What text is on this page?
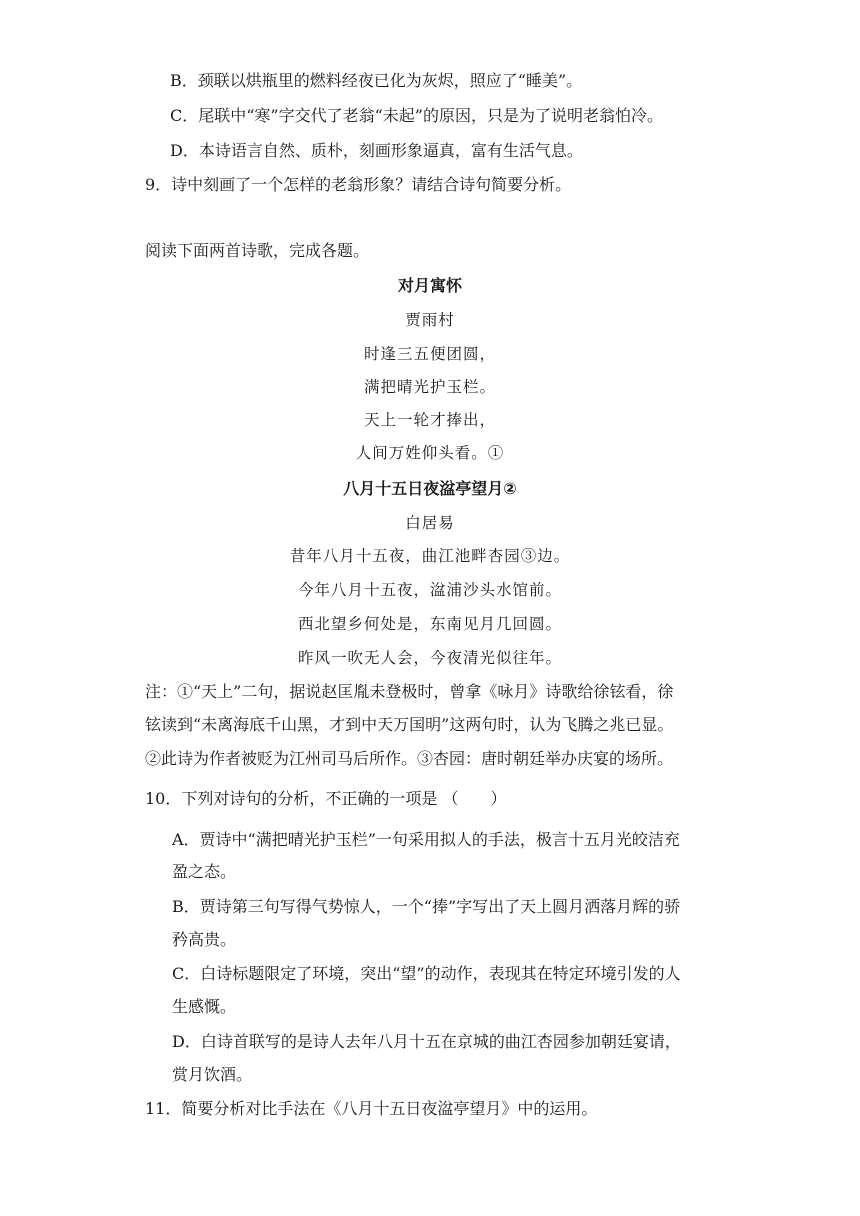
B．颈联以烘瓶里的燃料经夜已化为灰烬，照应了“睡美”。
C．尾联中“寒”字交代了老翁“未起”的原因，只是为了说明老翁怕冷。
D．本诗语言自然、质朴，刻画形象逼真，富有生活气息。
9．诗中刻画了一个怎样的老翁形象？请结合诗句简要分析。
阅读下面两首诗歌，完成各题。
对月寓怀
贾雨村
时逢三五便团圆，
满把晴光护玉栏。
天上一轮才捧出，
人间万姓仰头看。①
八月十五日夜湓亭望月②
白居易
昔年八月十五夜，曲江池畔杏园③边。
今年八月十五夜，湓浦沙头水馆前。
西北望乡何处是，东南见月几回圆。
昨风一吹无人会，今夜清光似往年。
注：①“天上”二句，据说赵匡胤未登极时，曾拿《咏月》诗歌给徐铉看，徐
铉读到“未离海底千山黑，才到中天万国明”这两句时，认为飞腾之兆已显。
②此诗为作者被贬为江州司马后所作。③杏园：唐时朝廷举办庆宴的场所。
10．下列对诗句的分析，不正确的一项是 （　　）
A．贾诗中“满把晴光护玉栏”一句采用拟人的手法，极言十五月光皎洁充
盈之态。
B．贾诗第三句写得气势惊人，一个“捧”字写出了天上圆月洒落月辉的骄
矜高贵。
C．白诗标题限定了环境，突出“望”的动作，表现其在特定环境引发的人
生感慨。
D．白诗首联写的是诗人去年八月十五在京城的曲江杏园参加朝廷宴请，
赏月饮酒。
11．简要分析对比手法在《八月十五日夜湓亭望月》中的运用。
